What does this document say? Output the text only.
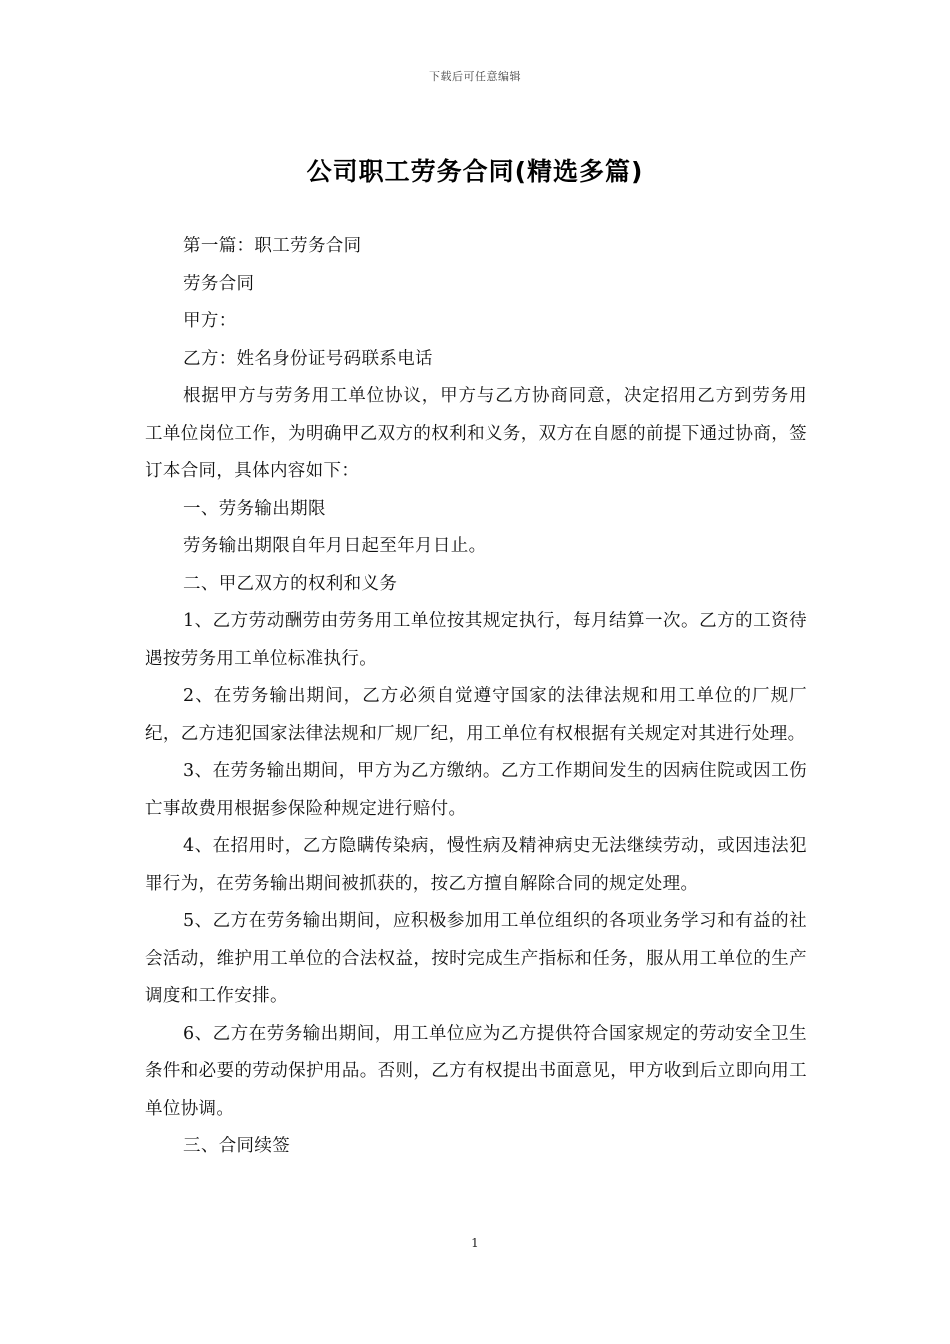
下载后可任意编辑
公司职工劳务合同(精选多篇)

第一篇：职工劳务合同

劳务合同

甲方：

乙方：姓名身份证号码联系电话

根据甲方与劳务用工单位协议，甲方与乙方协商同意，决定招用乙方到劳务用工单位岗位工作，为明确甲乙双方的权利和义务，双方在自愿的前提下通过协商，签订本合同，具体内容如下：

一、劳务输出期限

劳务输出期限自年月日起至年月日止。

二、甲乙双方的权利和义务

1、乙方劳动酬劳由劳务用工单位按其规定执行，每月结算一次。乙方的工资待遇按劳务用工单位标准执行。

2、在劳务输出期间，乙方必须自觉遵守国家的法律法规和用工单位的厂规厂纪，乙方违犯国家法律法规和厂规厂纪，用工单位有权根据有关规定对其进行处理。

3、在劳务输出期间，甲方为乙方缴纳。乙方工作期间发生的因病住院或因工伤亡事故费用根据参保险种规定进行赔付。

4、在招用时，乙方隐瞒传染病，慢性病及精神病史无法继续劳动，或因违法犯罪行为，在劳务输出期间被抓获的，按乙方擅自解除合同的规定处理。

5、乙方在劳务输出期间，应积极参加用工单位组织的各项业务学习和有益的社会活动，维护用工单位的合法权益，按时完成生产指标和任务，服从用工单位的生产调度和工作安排。

6、乙方在劳务输出期间，用工单位应为乙方提供符合国家规定的劳动安全卫生条件和必要的劳动保护用品。否则，乙方有权提出书面意见，甲方收到后立即向用工单位协调。

三、合同续签

1
